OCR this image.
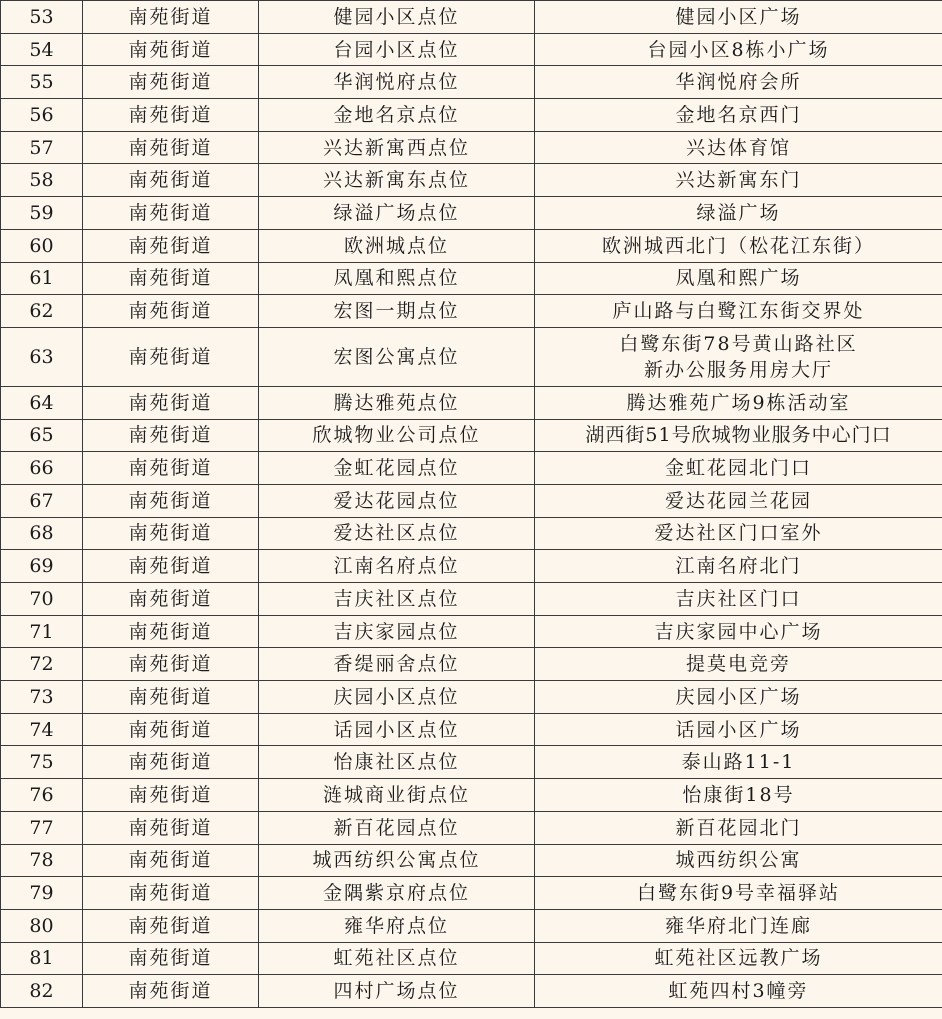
53	南苑街道	健园小区点位	健园小区广场
54	南苑街道	台园小区点位	台园小区8栋小广场
55	南苑街道	华润悦府点位	华润悦府会所
56	南苑街道	金地名京点位	金地名京西门
57	南苑街道	兴达新寓西点位	兴达体育馆
58	南苑街道	兴达新寓东点位	兴达新寓东门
59	南苑街道	绿溢广场点位	绿溢广场
60	南苑街道	欧洲城点位	欧洲城西北门（松花江东街）
61	南苑街道	凤凰和熙点位	凤凰和熙广场
62	南苑街道	宏图一期点位	庐山路与白鹭江东街交界处
63	南苑街道	宏图公寓点位	白鹭东街78号黄山路社区
新办公服务用房大厅

64	南苑街道	腾达雅苑点位	腾达雅苑广场9栋活动室
65	南苑街道	欣城物业公司点位	湖西街51号欣城物业服务中心门口
66	南苑街道	金虹花园点位	金虹花园北门口
67	南苑街道	爱达花园点位	爱达花园兰花园
68	南苑街道	爱达社区点位	爱达社区门口室外
69	南苑街道	江南名府点位	江南名府北门
70	南苑街道	吉庆社区点位	吉庆社区门口
71	南苑街道	吉庆家园点位	吉庆家园中心广场
72	南苑街道	香缇丽舍点位	提莫电竞旁
73	南苑街道	庆园小区点位	庆园小区广场
74	南苑街道	话园小区点位	话园小区广场
75	南苑街道	怡康社区点位	泰山路11-1
76	南苑街道	涟城商业街点位	怡康街18号
77	南苑街道	新百花园点位	新百花园北门
78	南苑街道	城西纺织公寓点位	城西纺织公寓
79	南苑街道	金隅紫京府点位	白鹭东街9号幸福驿站
80	南苑街道	雍华府点位	雍华府北门连廊
81	南苑街道	虹苑社区点位	虹苑社区远教广场
82	南苑街道	四村广场点位	虹苑四村3幢旁
